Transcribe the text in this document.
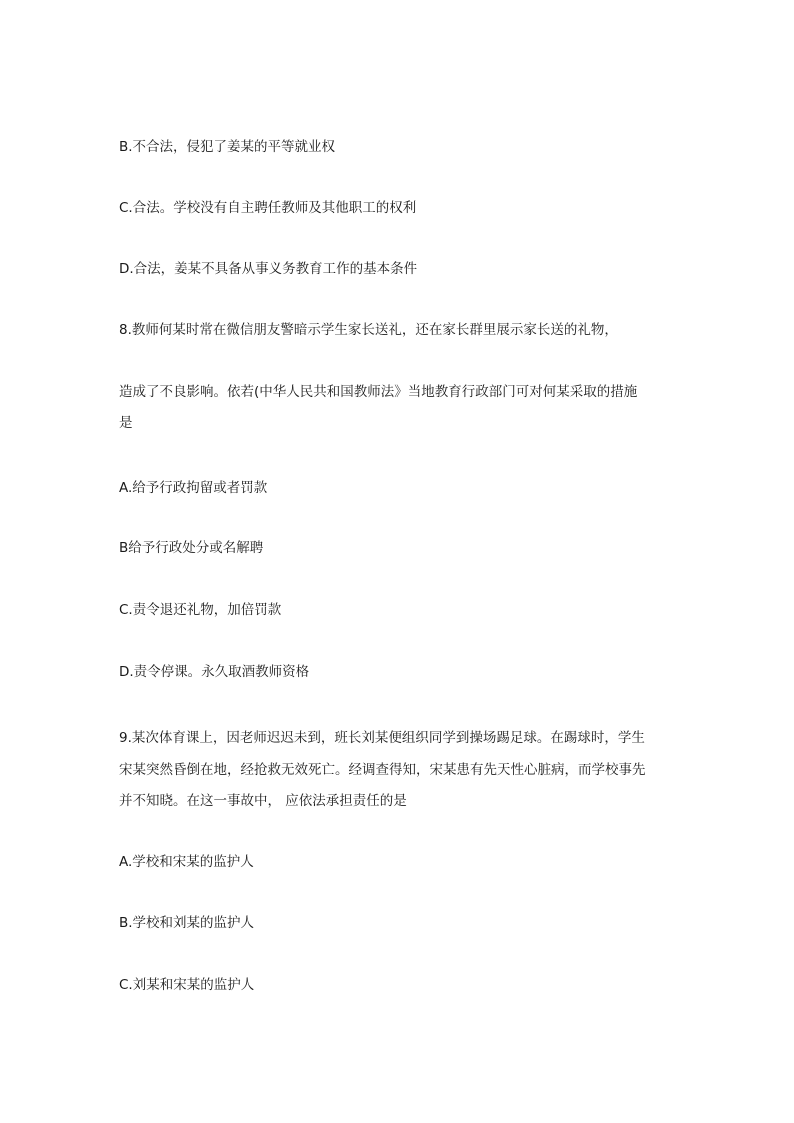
B.不合法，侵犯了姜某的平等就业权
C.合法。学校没有自主聘任教师及其他职工的权利
D.合法，姜某不具备从事义务教育工作的基本条件
8.教师何某时常在微信朋友警暗示学生家长送礼，还在家长群里展示家长送的礼物，
造成了不良影响。依若(中华人民共和国教师法》当地教育行政部门可对何某采取的措施
是
A.给予行政拘留或者罚款
B给予行政处分或名解聘
C.责令退还礼物，加倍罚款
D.责令停课。永久取酒教师资格
9.某次体育课上，因老师迟迟未到，班长刘某便组织同学到操场踢足球。在踢球时，学生
宋某突然昏倒在地，经抢救无效死亡。经调查得知，宋某患有先天性心脏病，而学校事先
并不知晓。在这一事故中， 应依法承担责任的是
A.学校和宋某的监护人
B.学校和刘某的监护人
C.刘某和宋某的监护人
